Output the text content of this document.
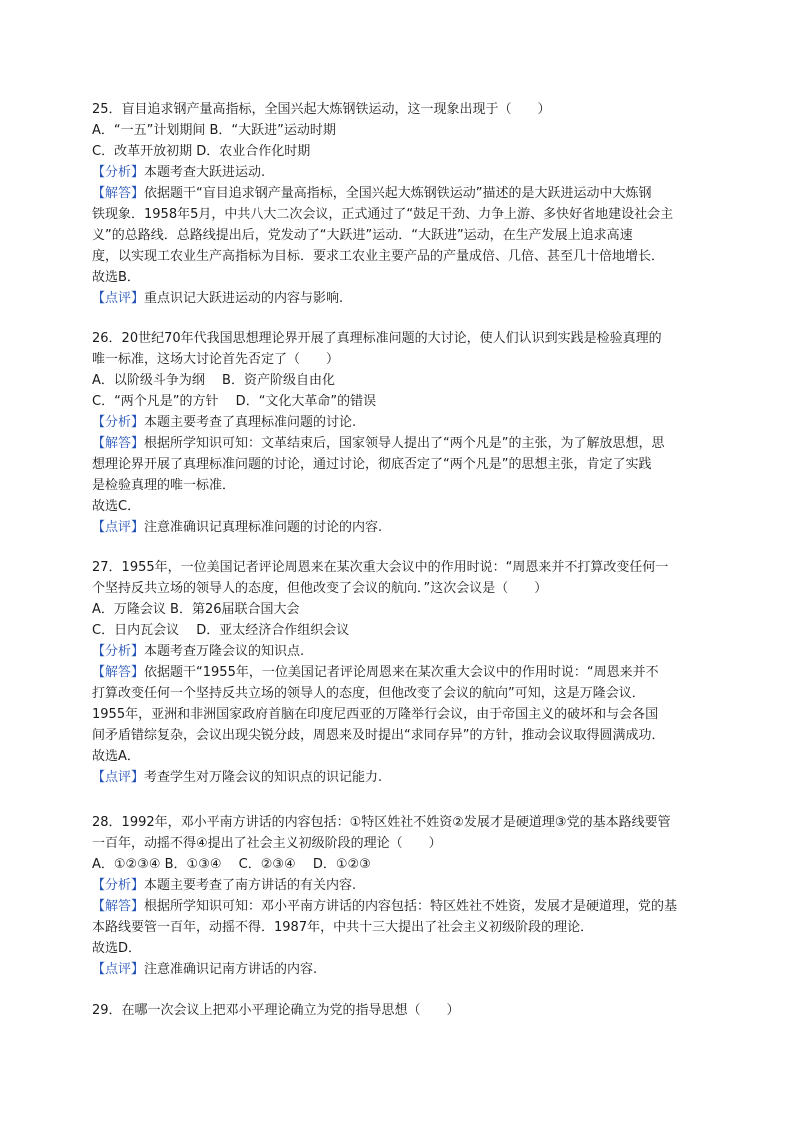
25．盲目追求钢产量高指标，全国兴起大炼钢铁运动，这一现象出现于（　　）
A．“一五”计划期间 B．“大跃进”运动时期
C．改革开放初期 D．农业合作化时期
【分析】本题考查大跃进运动.
【解答】依据题干“盲目追求钢产量高指标，全国兴起大炼钢铁运动”描述的是大跃进运动中大炼钢
铁现象．1958年5月，中共八大二次会议，正式通过了“鼓足干劲、力争上游、多快好省地建设社会主
义”的总路线．总路线提出后，党发动了“大跃进”运动．“大跃进”运动，在生产发展上追求高速
度，以实现工农业生产高指标为目标．要求工农业主要产品的产量成倍、几倍、甚至几十倍地增长．
故选B．
【点评】重点识记大跃进运动的内容与影响.
26．20世纪70年代我国思想理论界开展了真理标准问题的大讨论，使人们认识到实践是检验真理的
唯一标准，这场大讨论首先否定了（　　）
A．以阶级斗争为纲　 B．资产阶级自由化
C．“两个凡是”的方针　 D．“文化大革命”的错误
【分析】本题主要考查了真理标准问题的讨论.
【解答】根据所学知识可知：文革结束后，国家领导人提出了“两个凡是”的主张，为了解放思想，思
想理论界开展了真理标准问题的讨论，通过讨论，彻底否定了“两个凡是”的思想主张，肯定了实践
是检验真理的唯一标准．
故选C．
【点评】注意准确识记真理标准问题的讨论的内容.
27．1955年，一位美国记者评论周恩来在某次重大会议中的作用时说：“周恩来并不打算改变任何一
个坚持反共立场的领导人的态度，但他改变了会议的航向．”这次会议是（　　）
A．万隆会议 B．第26届联合国大会
C．日内瓦会议　 D．亚太经济合作组织会议
【分析】本题考查万隆会议的知识点.
【解答】依据题干“1955年，一位美国记者评论周恩来在某次重大会议中的作用时说：“周恩来并不
打算改变任何一个坚持反共立场的领导人的态度，但他改变了会议的航向”可知，这是万隆会议．
1955年，亚洲和非洲国家政府首脑在印度尼西亚的万隆举行会议，由于帝国主义的破坏和与会各国
间矛盾错综复杂，会议出现尖锐分歧，周恩来及时提出“求同存异”的方针，推动会议取得圆满成功．
故选A．
【点评】考查学生对万隆会议的知识点的识记能力.
28．1992年，邓小平南方讲话的内容包括：①特区姓社不姓资②发展才是硬道理③党的基本路线要管
一百年，动摇不得④提出了社会主义初级阶段的理论（　　）
A．①②③④ B．①③④　 C．②③④　 D．①②③
【分析】本题主要考查了南方讲话的有关内容.
【解答】根据所学知识可知：邓小平南方讲话的内容包括：特区姓社不姓资，发展才是硬道理，党的基
本路线要管一百年，动摇不得．1987年，中共十三大提出了社会主义初级阶段的理论．
故选D．
【点评】注意准确识记南方讲话的内容.
29．在哪一次会议上把邓小平理论确立为党的指导思想（　　）
